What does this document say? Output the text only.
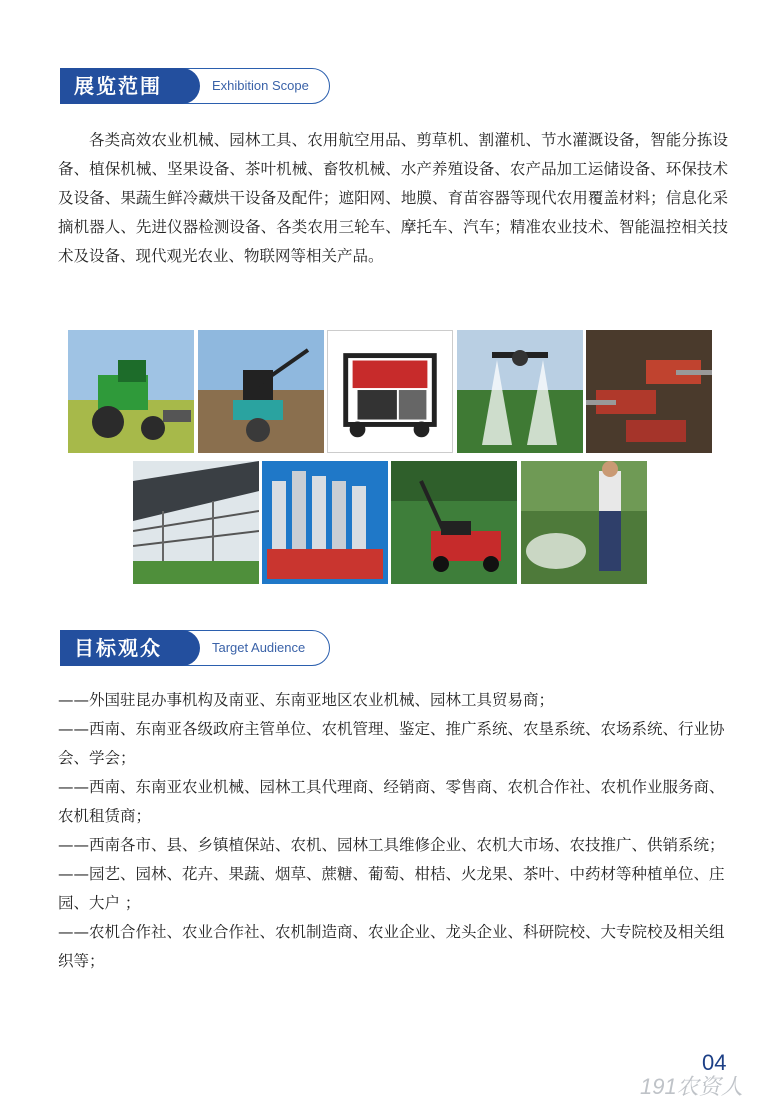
展览范围	Exhibition Scope

各类高效农业机械、园林工具、农用航空用品、剪草机、割灌机、节水灌溉设备，智能分拣设备、植保机械、坚果设备、茶叶机械、畜牧机械、水产养殖设备、农产品加工运储设备、环保技术及设备、果蔬生鲜冷藏烘干设备及配件；遮阳网、地膜、育苗容器等现代农用覆盖材料；信息化采摘机器人、先进仪器检测设备、各类农用三轮车、摩托车、汽车；精准农业技术、智能温控相关技术及设备、现代观光农业、物联网等相关产品。

目标观众	Target Audience
——外国驻昆办事机构及南亚、东南亚地区农业机械、园林工具贸易商；
——西南、东南亚各级政府主管单位、农机管理、鉴定、推广系统、农垦系统、农场系统、行业协会、学会；
——西南、东南亚农业机械、园林工具代理商、经销商、零售商、农机合作社、农机作业服务商、农机租赁商；
——西南各市、县、乡镇植保站、农机、园林工具维修企业、农机大市场、农技推广、供销系统；
——园艺、园林、花卉、果蔬、烟草、蔗糖、葡萄、柑桔、火龙果、茶叶、中药材等种植单位、庄园、大户 ；
——农机合作社、农业合作社、农机制造商、农业企业、龙头企业、科研院校、大专院校及相关组织等；
04
191农资人
